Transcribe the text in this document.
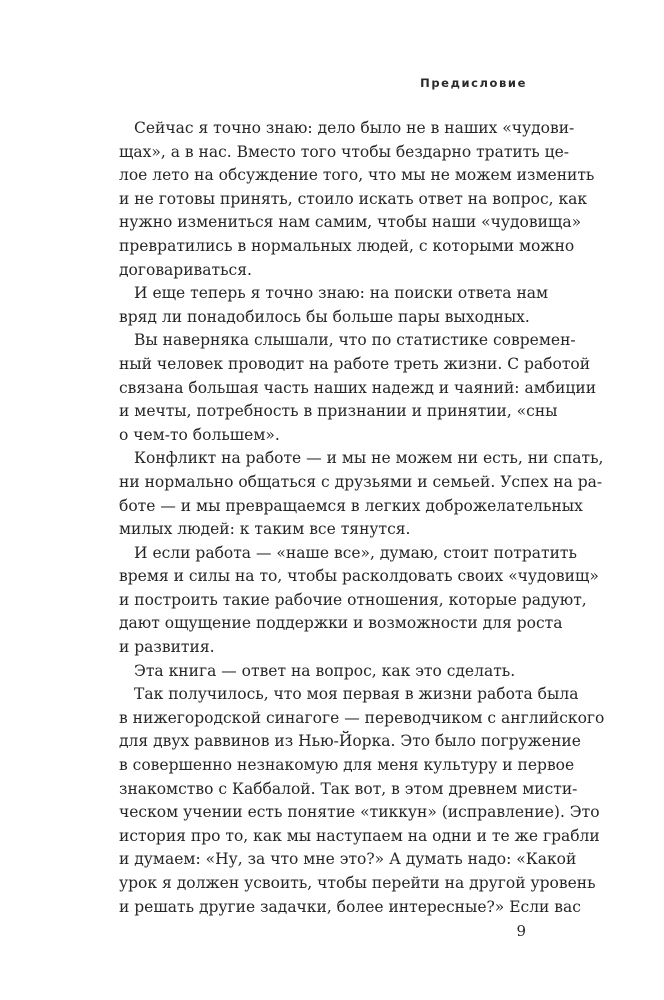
Предисловие
Сейчас я точно знаю: дело было не в наших «чудови-
щах», а в нас. Вместо того чтобы бездарно тратить це-
лое лето на обсуждение того, что мы не можем изменить
и не готовы принять, стоило искать ответ на вопрос, как
нужно измениться нам самим, чтобы наши «чудовища»
превратились в нормальных людей, с которыми можно
договариваться.
И еще теперь я точно знаю: на поиски ответа нам
вряд ли понадобилось бы больше пары выходных.
Вы наверняка слышали, что по статистике современ-
ный человек проводит на работе треть жизни. С работой
связана большая часть наших надежд и чаяний: амбиции
и мечты, потребность в признании и принятии, «сны
о чем-то большем».
Конфликт на работе — и мы не можем ни есть, ни спать,
ни нормально общаться с друзьями и семьей. Успех на ра-
боте — и мы превращаемся в легких доброжелательных
милых людей: к таким все тянутся.
И если работа — «наше все», думаю, стоит потратить
время и силы на то, чтобы расколдовать своих «чудовищ»
и построить такие рабочие отношения, которые радуют,
дают ощущение поддержки и возможности для роста
и развития.
Эта книга — ответ на вопрос, как это сделать.
Так получилось, что моя первая в жизни работа была
в нижегородской синагоге — переводчиком с английского
для двух раввинов из Нью-Йорка. Это было погружение
в совершенно незнакомую для меня культуру и первое
знакомство с Каббалой. Так вот, в этом древнем мисти-
ческом учении есть понятие «тиккун» (исправление). Это
история про то, как мы наступаем на одни и те же грабли
и думаем: «Ну, за что мне это?» А думать надо: «Какой
урок я должен усвоить, чтобы перейти на другой уровень
и решать другие задачки, более интересные?» Если вас
9
